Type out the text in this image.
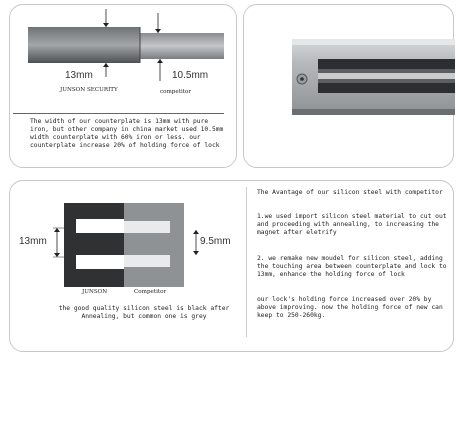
13mm	10.5mm
JUNSON SECURITY	competitor
The width of our counterplate is 13mm with pure iron, but other company in china market used 10.5mm width counterplate with 60% iron or less. our counterplate increase 20% of holding force of lock
13mm	9.5mm
JUNSON	Competitor
the good quality silicon steel is black after Annealing, but common one is grey
The Avantage of our silicon steel with competitor
1.we used import silicon steel material to cut out and proceeding with annealing, to increasing the magnet after eletrify
2. we remake new moudel for silicon steel, adding the touching area between counterplate and lock to 13mm, enhance the holding force of lock
our lock's holding force increased over 20% by above improving. now the holding force of new can keep to 250-260kg.
